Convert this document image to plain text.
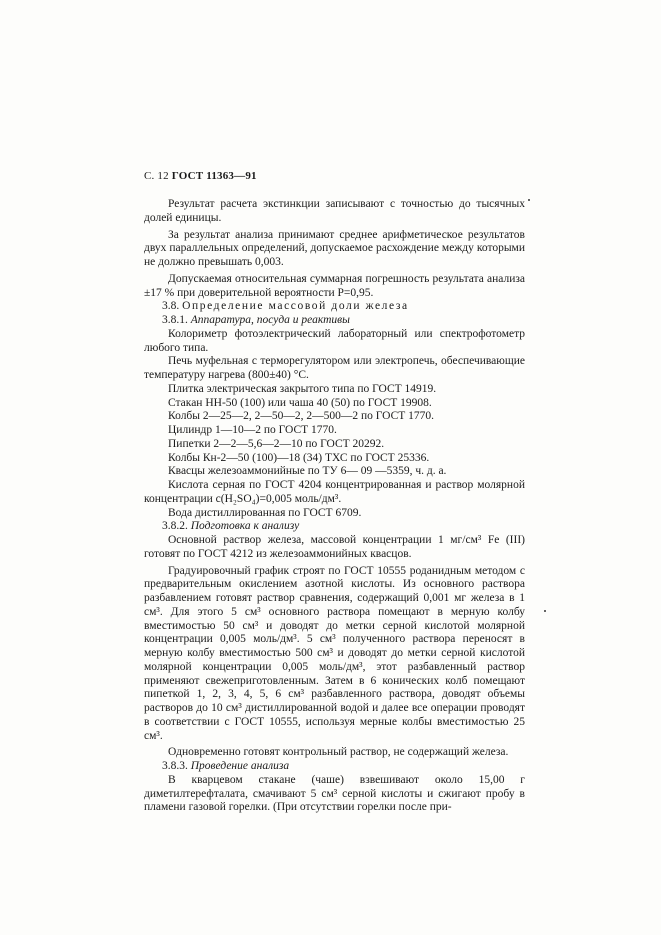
С. 12 ГОСТ 11363—91

Результат расчета экстинкции записывают с точностью до тысячных долей единицы.

За результат анализа принимают среднее арифметическое результатов двух параллельных определений, допускаемое расхождение между которыми не должно превышать 0,003.

Допускаемая относительная суммарная погрешность результата анализа ±17 % при доверительной вероятности P=0,95.

3.8. Определение массовой доли железа

3.8.1. Аппаратура, посуда и реактивы

Колориметр фотоэлектрический лабораторный или спектрофотометр любого типа.

Печь муфельная с терморегулятором или электропечь, обеспечивающие температуру нагрева (800±40) °С.

Плитка электрическая закрытого типа по ГОСТ 14919.

Стакан НН-50 (100) или чаша 40 (50) по ГОСТ 19908.

Колбы 2—25—2, 2—50—2, 2—500—2 по ГОСТ 1770.

Цилиндр 1—10—2 по ГОСТ 1770.

Пипетки 2—2—5,6—2—10 по ГОСТ 20292.

Колбы Кн-2—50 (100)—18 (34) ТХС по ГОСТ 25336.

Квасцы железоаммонийные по ТУ 6— 09 —5359, ч. д. а.

Кислота серная по ГОСТ 4204 концентрированная и раствор молярной концентрации c(H₂SO₄)=0,005 моль/дм³.

Вода дистиллированная по ГОСТ 6709.

3.8.2. Подготовка к анализу

Основной раствор железа, массовой концентрации 1 мг/см³ Fe (III) готовят по ГОСТ 4212 из железоаммонийных квасцов.

Градуировочный график строят по ГОСТ 10555 роданидным методом с предварительным окислением азотной кислоты. Из основного раствора разбавлением готовят раствор сравнения, содержащий 0,001 мг железа в 1 см³. Для этого 5 см³ основного раствора помещают в мерную колбу вместимостью 50 см³ и доводят до метки серной кислотой молярной концентрации 0,005 моль/дм³. 5 см³ полученного раствора переносят в мерную колбу вместимостью 500 см³ и доводят до метки серной кислотой молярной концентрации 0,005 моль/дм³, этот разбавленный раствор применяют свежеприготовленным. Затем в 6 конических колб помещают пипеткой 1, 2, 3, 4, 5, 6 см³ разбавленного раствора, доводят объемы растворов до 10 см³ дистиллированной водой и далее все операции проводят в соответствии с ГОСТ 10555, используя мерные колбы вместимостью 25 см³.

Одновременно готовят контрольный раствор, не содержащий железа.

3.8.3. Проведение анализа

В кварцевом стакане (чаше) взвешивают около 15,00 г диметилтерефталата, смачивают 5 см³ серной кислоты и сжигают пробу в пламени газовой горелки. (При отсутствии горелки после при-
